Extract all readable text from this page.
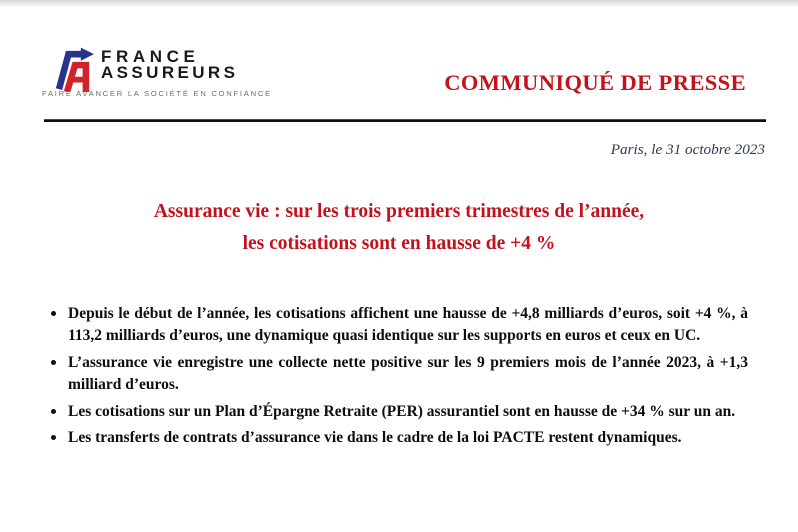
FRANCE
ASSUREURS
FAIRE AVANCER LA SOCIÉTÉ EN CONFIANCE	COMMUNIQUÉ DE PRESSE
Paris, le 31 octobre 2023
Assurance vie : sur les trois premiers trimestres de l’année,
les cotisations sont en hausse de +4 %
Depuis le début de l’année, les cotisations affichent une hausse de +4,8 milliards d’euros, soit +4 %, à 113,2 milliards d’euros, une dynamique quasi identique sur les supports en euros et ceux en UC.
L’assurance vie enregistre une collecte nette positive sur les 9 premiers mois de l’année 2023, à +1,3 milliard d’euros.
Les cotisations sur un Plan d’Épargne Retraite (PER) assurantiel sont en hausse de +34 % sur un an.
Les transferts de contrats d’assurance vie dans le cadre de la loi PACTE restent dynamiques.
